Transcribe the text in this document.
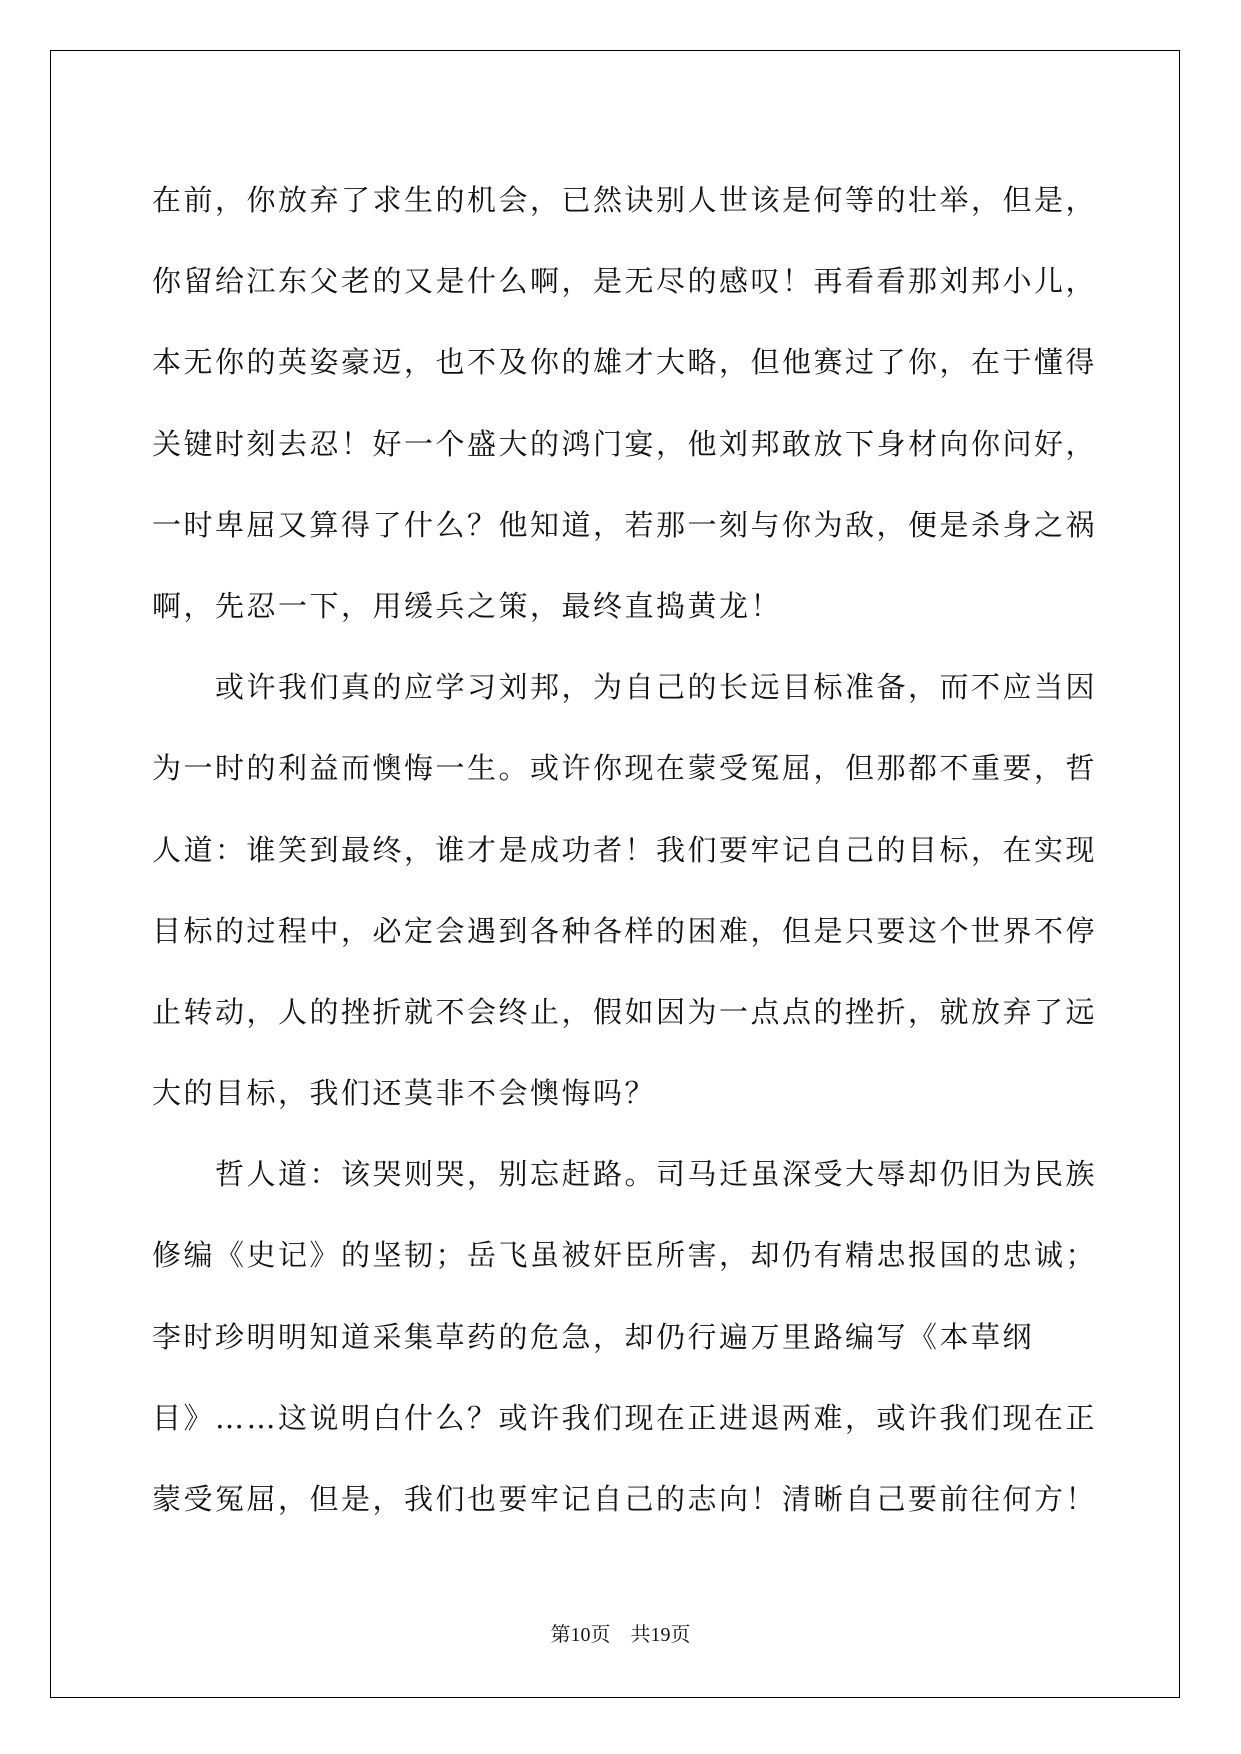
在前，你放弃了求生的机会，已然诀别人世该是何等的壮举，但是，
你留给江东父老的又是什么啊，是无尽的感叹！再看看那刘邦小儿，
本无你的英姿豪迈，也不及你的雄才大略，但他赛过了你，在于懂得
关键时刻去忍！好一个盛大的鸿门宴，他刘邦敢放下身材向你问好，
一时卑屈又算得了什么？他知道，若那一刻与你为敌，便是杀身之祸
啊，先忍一下，用缓兵之策，最终直捣黄龙！
　　或许我们真的应学习刘邦，为自己的长远目标准备，而不应当因
为一时的利益而懊悔一生。或许你现在蒙受冤屈，但那都不重要，哲
人道：谁笑到最终，谁才是成功者！我们要牢记自己的目标，在实现
目标的过程中，必定会遇到各种各样的困难，但是只要这个世界不停
止转动，人的挫折就不会终止，假如因为一点点的挫折，就放弃了远
大的目标，我们还莫非不会懊悔吗？
　　哲人道：该哭则哭，别忘赶路。司马迁虽深受大辱却仍旧为民族
修编《史记》的坚韧；岳飞虽被奸臣所害，却仍有精忠报国的忠诚；
李时珍明明知道采集草药的危急，却仍行遍万里路编写《本草纲
目》……这说明白什么？或许我们现在正进退两难，或许我们现在正
蒙受冤屈，但是，我们也要牢记自己的志向！清晰自己要前往何方！
第10页　共19页
